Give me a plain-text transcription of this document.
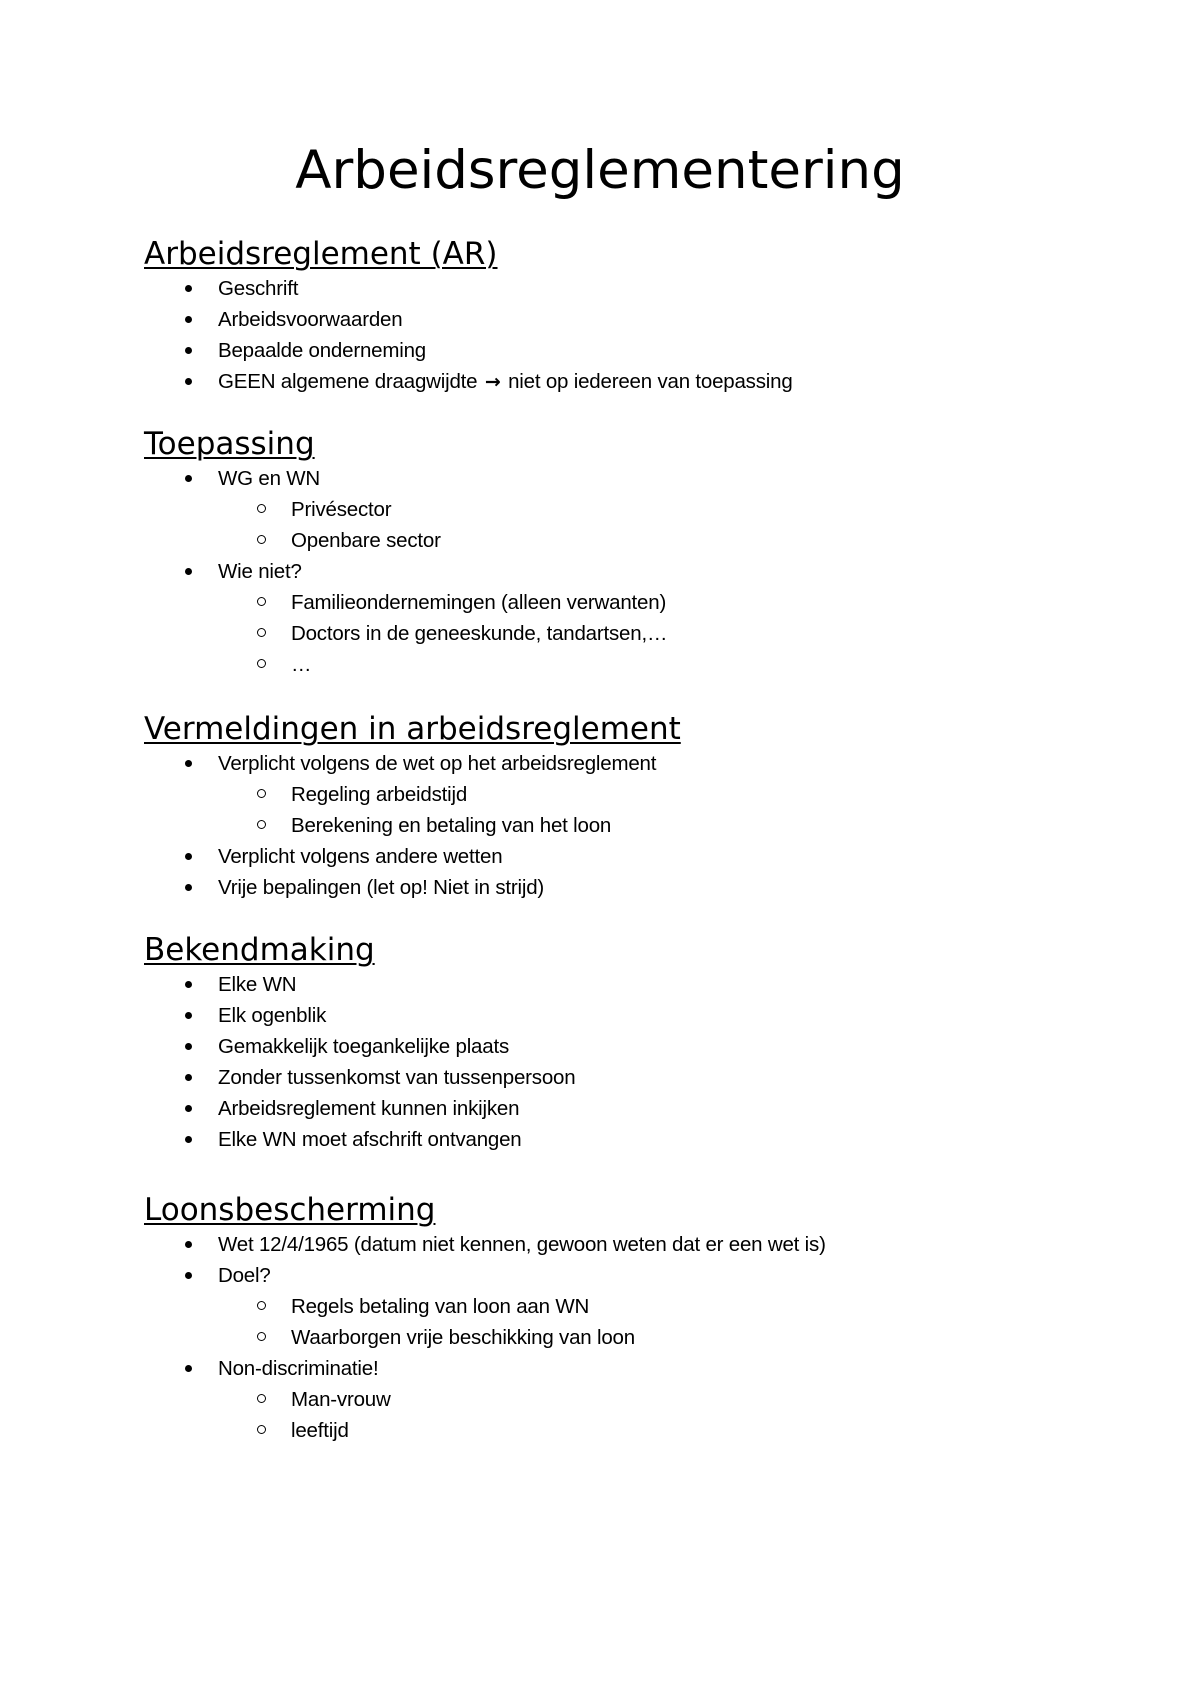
Arbeidsreglementering
Arbeidsreglement (AR)
Geschrift
Arbeidsvoorwaarden
Bepaalde onderneming
GEEN algemene draagwijdte → niet op iedereen van toepassing
Toepassing
WG en WN
Privésector
Openbare sector
Wie niet?
Familieondernemingen (alleen verwanten)
Doctors in de geneeskunde, tandartsen,…
…
Vermeldingen in arbeidsreglement
Verplicht volgens de wet op het arbeidsreglement
Regeling arbeidstijd
Berekening en betaling van het loon
Verplicht volgens andere wetten
Vrije bepalingen (let op! Niet in strijd)
Bekendmaking
Elke WN
Elk ogenblik
Gemakkelijk toegankelijke plaats
Zonder tussenkomst van tussenpersoon
Arbeidsreglement kunnen inkijken
Elke WN moet afschrift ontvangen
Loonsbescherming
Wet 12/4/1965 (datum niet kennen, gewoon weten dat er een wet is)
Doel?
Regels betaling van loon aan WN
Waarborgen vrije beschikking van loon
Non-discriminatie!
Man-vrouw
leeftijd
